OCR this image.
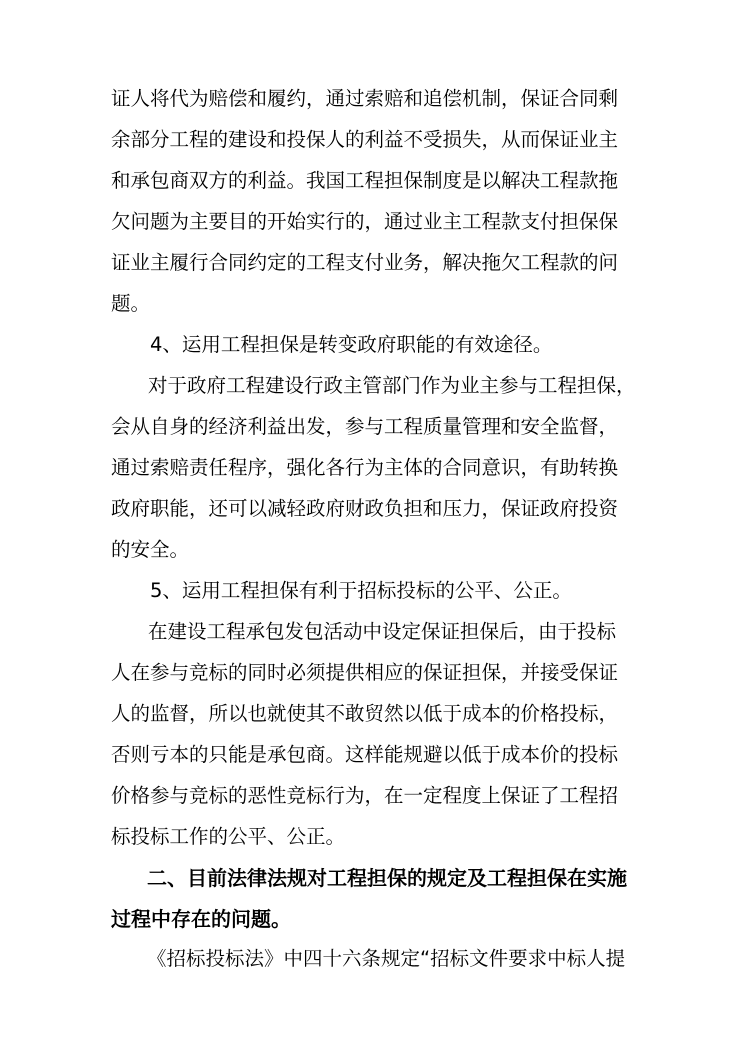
证人将代为赔偿和履约，通过索赔和追偿机制，保证合同剩
余部分工程的建设和投保人的利益不受损失，从而保证业主
和承包商双方的利益。我国工程担保制度是以解决工程款拖
欠问题为主要目的开始实行的，通过业主工程款支付担保保
证业主履行合同约定的工程支付业务，解决拖欠工程款的问
题。
4、运用工程担保是转变政府职能的有效途径。
对于政府工程建设行政主管部门作为业主参与工程担保，
会从自身的经济利益出发，参与工程质量管理和安全监督，
通过索赔责任程序，强化各行为主体的合同意识，有助转换
政府职能，还可以减轻政府财政负担和压力，保证政府投资
的安全。
5、运用工程担保有利于招标投标的公平、公正。
在建设工程承包发包活动中设定保证担保后，由于投标
人在参与竞标的同时必须提供相应的保证担保，并接受保证
人的监督，所以也就使其不敢贸然以低于成本的价格投标，
否则亏本的只能是承包商。这样能规避以低于成本价的投标
价格参与竞标的恶性竞标行为，在一定程度上保证了工程招
标投标工作的公平、公正。
二、目前法律法规对工程担保的规定及工程担保在实施
过程中存在的问题。
《招标投标法》中四十六条规定“招标文件要求中标人提
